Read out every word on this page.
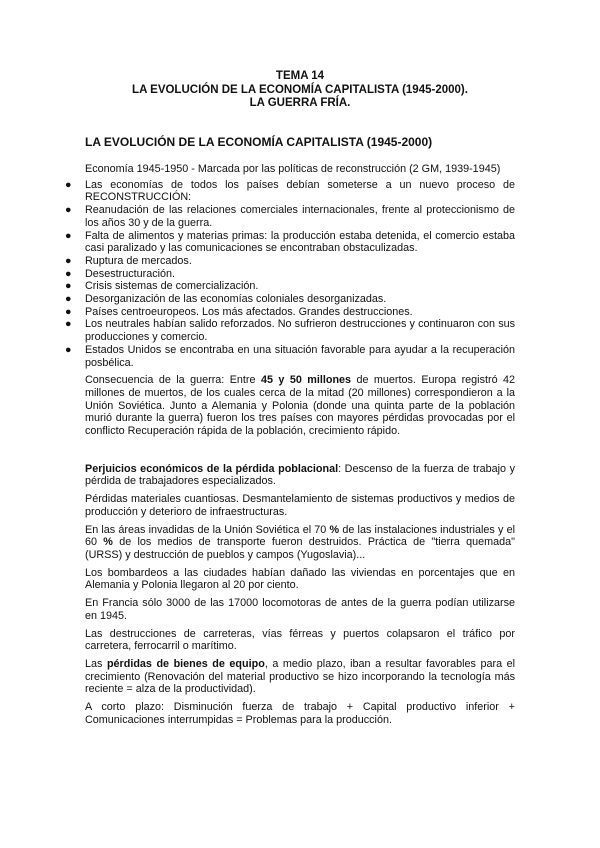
TEMA 14
LA EVOLUCIÓN DE LA ECONOMÍA CAPITALISTA (1945-2000).
LA GUERRA FRÍA.
LA EVOLUCIÓN DE LA ECONOMÍA CAPITALISTA (1945-2000)

Economía 1945-1950 - Marcada por las políticas de reconstrucción (2 GM, 1939-1945)

● Las economías de todos los países debían someterse a un nuevo proceso de RECONSTRUCCIÓN:
● Reanudación de las relaciones comerciales internacionales, frente al proteccionismo de los años 30 y de la guerra.
● Falta de alimentos y materias primas: la producción estaba detenida, el comercio estaba casi paralizado y las comunicaciones se encontraban obstaculizadas.
● Ruptura de mercados.
● Desestructuración.
● Crisis sistemas de comercialización.
● Desorganización de las economías coloniales desorganizadas.
● Países centroeuropeos. Los más afectados. Grandes destrucciones.
● Los neutrales habían salido reforzados. No sufrieron destrucciones y continuaron con sus producciones y comercio.
● Estados Unidos se encontraba en una situación favorable para ayudar a la recuperación posbélica.

Consecuencia de la guerra: Entre 45 y 50 millones de muertos. Europa registró 42 millones de muertos, de los cuales cerca de la mitad (20 millones) correspondieron a la Unión Soviética. Junto a Alemania y Polonia (donde una quinta parte de la población murió durante la guerra) fueron los tres países con mayores pérdidas provocadas por el conflicto Recuperación rápida de la población, crecimiento rápido.

Perjuicios económicos de la pérdida poblacional: Descenso de la fuerza de trabajo y pérdida de trabajadores especializados.

Pérdidas materiales cuantiosas. Desmantelamiento de sistemas productivos y medios de producción y deterioro de infraestructuras.

En las áreas invadidas de la Unión Soviética el 70 % de las instalaciones industriales y el 60 % de los medios de transporte fueron destruidos. Práctica de "tierra quemada" (URSS) y destrucción de pueblos y campos (Yugoslavia)...

Los bombardeos a las ciudades habían dañado las viviendas en porcentajes que en Alemania y Polonia llegaron al 20 por ciento.

En Francia sólo 3000 de las 17000 locomotoras de antes de la guerra podían utilizarse en 1945.

Las destrucciones de carreteras, vías férreas y puertos colapsaron el tráfico por carretera, ferrocarril o marítimo.

Las pérdidas de bienes de equipo, a medio plazo, iban a resultar favorables para el crecimiento (Renovación del material productivo se hizo incorporando la tecnología más reciente = alza de la productividad).

A corto plazo: Disminución fuerza de trabajo + Capital productivo inferior + Comunicaciones interrumpidas = Problemas para la producción.
